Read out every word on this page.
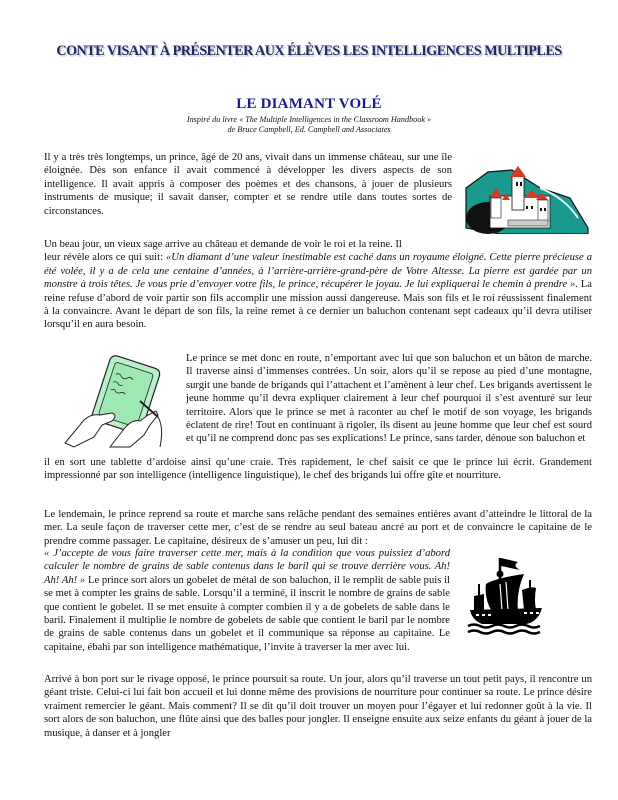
CONTE VISANT À PRÉSENTER AUX ÉLÈVES LES INTELLIGENCES MULTIPLES
LE DIAMANT VOLÉ
Inspiré du livre « The Multiple Intelligences in the Classroom Handbook »
de Bruce Campbell, Ed. Campbell and Associates

Il y a très très longtemps, un prince, âgé de 20 ans, vivait dans un immense château, sur une île éloignée. Dès son enfance il avait commencé à développer les divers aspects de son intelligence. Il avait appris à composer des poèmes et des chansons, à jouer de plusieurs instruments de musique; il savait danser, compter et se rendre utile dans toutes sortes de circonstances.

Un beau jour, un vieux sage arrive au château et demande de voir le roi et la reine. Il
leur révèle alors ce qui suit: «Un diamant d’une valeur inestimable est caché dans un royaume éloigné. Cette pierre précieuse a été volée, il y a de cela une centaine d’années, à l’arrière-arrière-grand-père de Votre Altesse. La pierre est gardée par un monstre à trois têtes. Je vous prie d’envoyer votre fils, le prince, récupérer le joyau. Je lui expliquerai le chemin à prendre ». La reine refuse d’abord de voir partir son fils accomplir une mission aussi dangereuse. Mais son fils et le roi réussissent finalement à la convaincre. Avant le départ de son fils, la reine remet à ce dernier un baluchon contenant sept cadeaux qu’il devra utiliser lorsqu’il en aura besoin.

Le prince se met donc en route, n’emportant avec lui que son baluchon et un bâton de marche. Il traverse ainsi d’immenses contrées. Un soir, alors qu’il se repose au pied d’une montagne, surgit une bande de brigands qui l’attachent et l’amènent à leur chef. Les brigands avertissent le jeune homme qu’il devra expliquer clairement à leur chef pourquoi il s’est aventuré sur leur territoire. Alors que le prince se met à raconter au chef le motif de son voyage, les brigands éclatent de rire! Tout en continuant à rigoler, ils disent au jeune homme que leur chef est sourd et qu’il ne comprend donc pas ses explications! Le prince, sans tarder, dénoue son baluchon et

il en sort une tablette d’ardoise ainsi qu’une craie. Très rapidement, le chef saisit ce que le prince lui écrit. Grandement impressionné par son intelligence (intelligence linguistique), le chef des brigands lui offre gîte et nourriture.

Le lendemain, le prince reprend sa route et marche sans relâche pendant des semaines entières avant d’atteindre le littoral de la mer. La seule façon de traverser cette mer, c’est de se rendre au seul bateau ancré au port et de convaincre le capitaine de le prendre comme passager. Le capitaine, désireux de s’amuser un peu, lui dit :

« J’accepte de vous faire traverser cette mer, mais à la condition que vous puissiez d’abord calculer le nombre de grains de sable contenus dans le baril qui se trouve derrière vous. Ah! Ah! Ah! » Le prince sort alors un gobelet de métal de son baluchon, il le remplit de sable puis il se met à compter les grains de sable. Lorsqu’il a terminé, il inscrit le nombre de grains de sable que contient le gobelet. Il se met ensuite à compter combien il y a de gobelets de sable dans le baril. Finalement il multiplie le nombre de gobelets de sable que contient le baril par le nombre de grains de sable contenus dans un gobelet et il communique sa réponse au capitaine. Le capitaine, ébahi par son intelligence mathématique, l’invite à traverser la mer avec lui.

Arrivé à bon port sur le rivage opposé, le prince poursuit sa route. Un jour, alors qu’il traverse un tout petit pays, il rencontre un géant triste. Celui-ci lui fait bon accueil et lui donne même des provisions de nourriture pour continuer sa route. Le prince désire vraiment remercier le géant. Mais comment? Il se dit qu’il doit trouver un moyen pour l’égayer et lui redonner goût à la vie. Il sort alors de son baluchon, une flûte ainsi que des balles pour jongler. Il enseigne ensuite aux seize enfants du géant à jouer de la musique, à danser et à jongler
